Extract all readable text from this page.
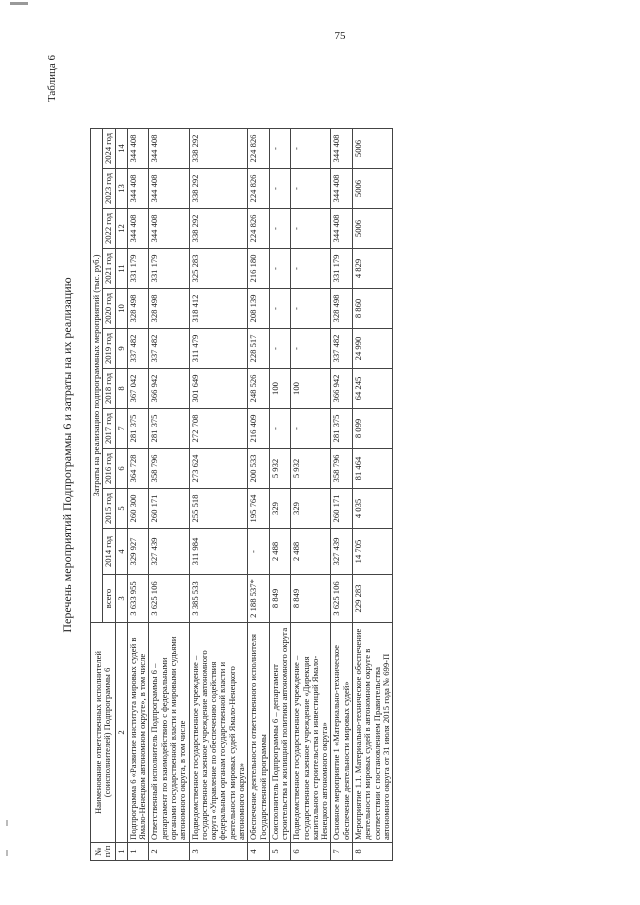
75
Таблица 6
Перечень мероприятий Подпрограммы 6 и затраты на их реализацию
№ п/п	Наименование ответственных исполнителей (соисполнителей) Подпрограммы 6	Затраты на реализацию подпрограммных мероприятий (тыс. руб.)											
		всего	2014 год	2015 год	2016 год	2017 год	2018 год	2019 год	2020 год	2021 год	2022 год	2023 год	2024 год
1	2	3	4	5	6	7	8	9	10	11	12	13	14
1	Подпрограмма 6 «Развитие института мировых судей в Ямало-Ненецком автономном округе», в том числе	3 633 955	329 927	260 300	364 728	281 375	367 042	337 482	328 498	331 179	344 408	344 408	344 408
2	Ответственный исполнитель Подпрограммы 6 – департамент по взаимодействию с федеральными органами государственной власти и мировыми судьями автономного округа, в том числе	3 625 106	327 439	260 171	358 796	281 375	366 942	337 482	328 498	331 179	344 408	344 408	344 408
3	Подведомственное государственное учреждение – государственное казенное учреждение автономного округа «Управление по обеспечению содействия федеральным органам государственной власти и деятельности мировых судей Ямало-Ненецкого автономного округа»	3 385 533	311 984	255 518	273 624	272 708	301 649	311 479	318 412	325 283	338 292	338 292	338 292
4	Обеспечение деятельности ответственного исполнителя Государственной программы	2 188 537*	-	195 764	200 533	216 409	248 526	228 517	208 139	216 180	224 826	224 826	224 826
5	Соисполнитель Подпрограммы 6 – департамент строительства и жилищной политики автономного округа	8 849	2 488	329	5 932	-	100	-	-	-	-	-	-
6	Подведомственное государственное учреждение – государственное казенное учреждение «Дирекция капитального строительства и инвестиций Ямало-Ненецкого автономного округа»	8 849	2 488	329	5 932	-	100	-	-	-	-	-	-
7	Основное мероприятие 1 «Материально-техническое обеспечение деятельности мировых судей»	3 625 106	327 439	260 171	358 796	281 375	366 942	337 482	328 498	331 179	344 408	344 408	344 408
8	Мероприятие 1.1. Материально-техническое обеспечение деятельности мировых судей в автономном округе в соответствии с постановлением Правительства автономного округа от 31 июля 2015 года № 699-П	229 283	14 705	4 035	81 464	8 099	64 245	24 990	8 860	4 829	5006	5006	5006
